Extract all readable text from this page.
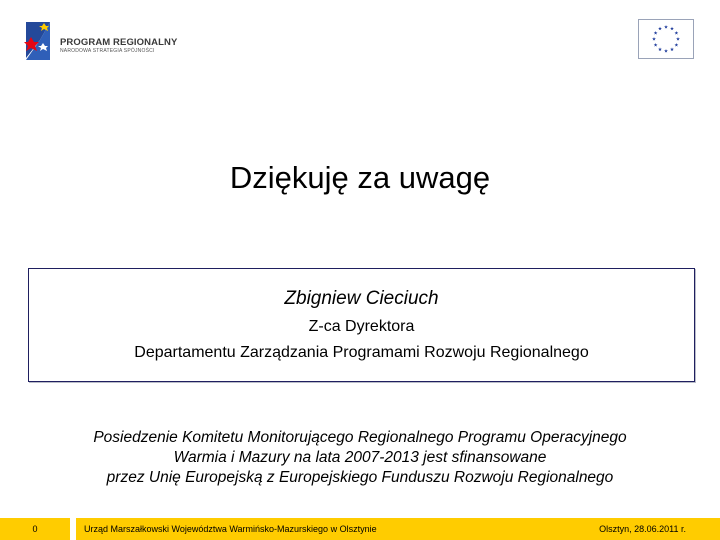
PROGRAM REGIONALNY
NARODOWA STRATEGIA SPÓJNOŚCI
Dziękuję za uwagę
Zbigniew Cieciuch
Z-ca Dyrektora
Departamentu Zarządzania Programami Rozwoju Regionalnego
Posiedzenie Komitetu Monitorującego Regionalnego Programu Operacyjnego
Warmia i Mazury na lata 2007-2013 jest sfinansowane
przez Unię Europejską z Europejskiego Funduszu Rozwoju Regionalnego
0	Urząd Marszałkowski Województwa Warmińsko-Mazurskiego w Olsztynie	Olsztyn, 28.06.2011 r.
